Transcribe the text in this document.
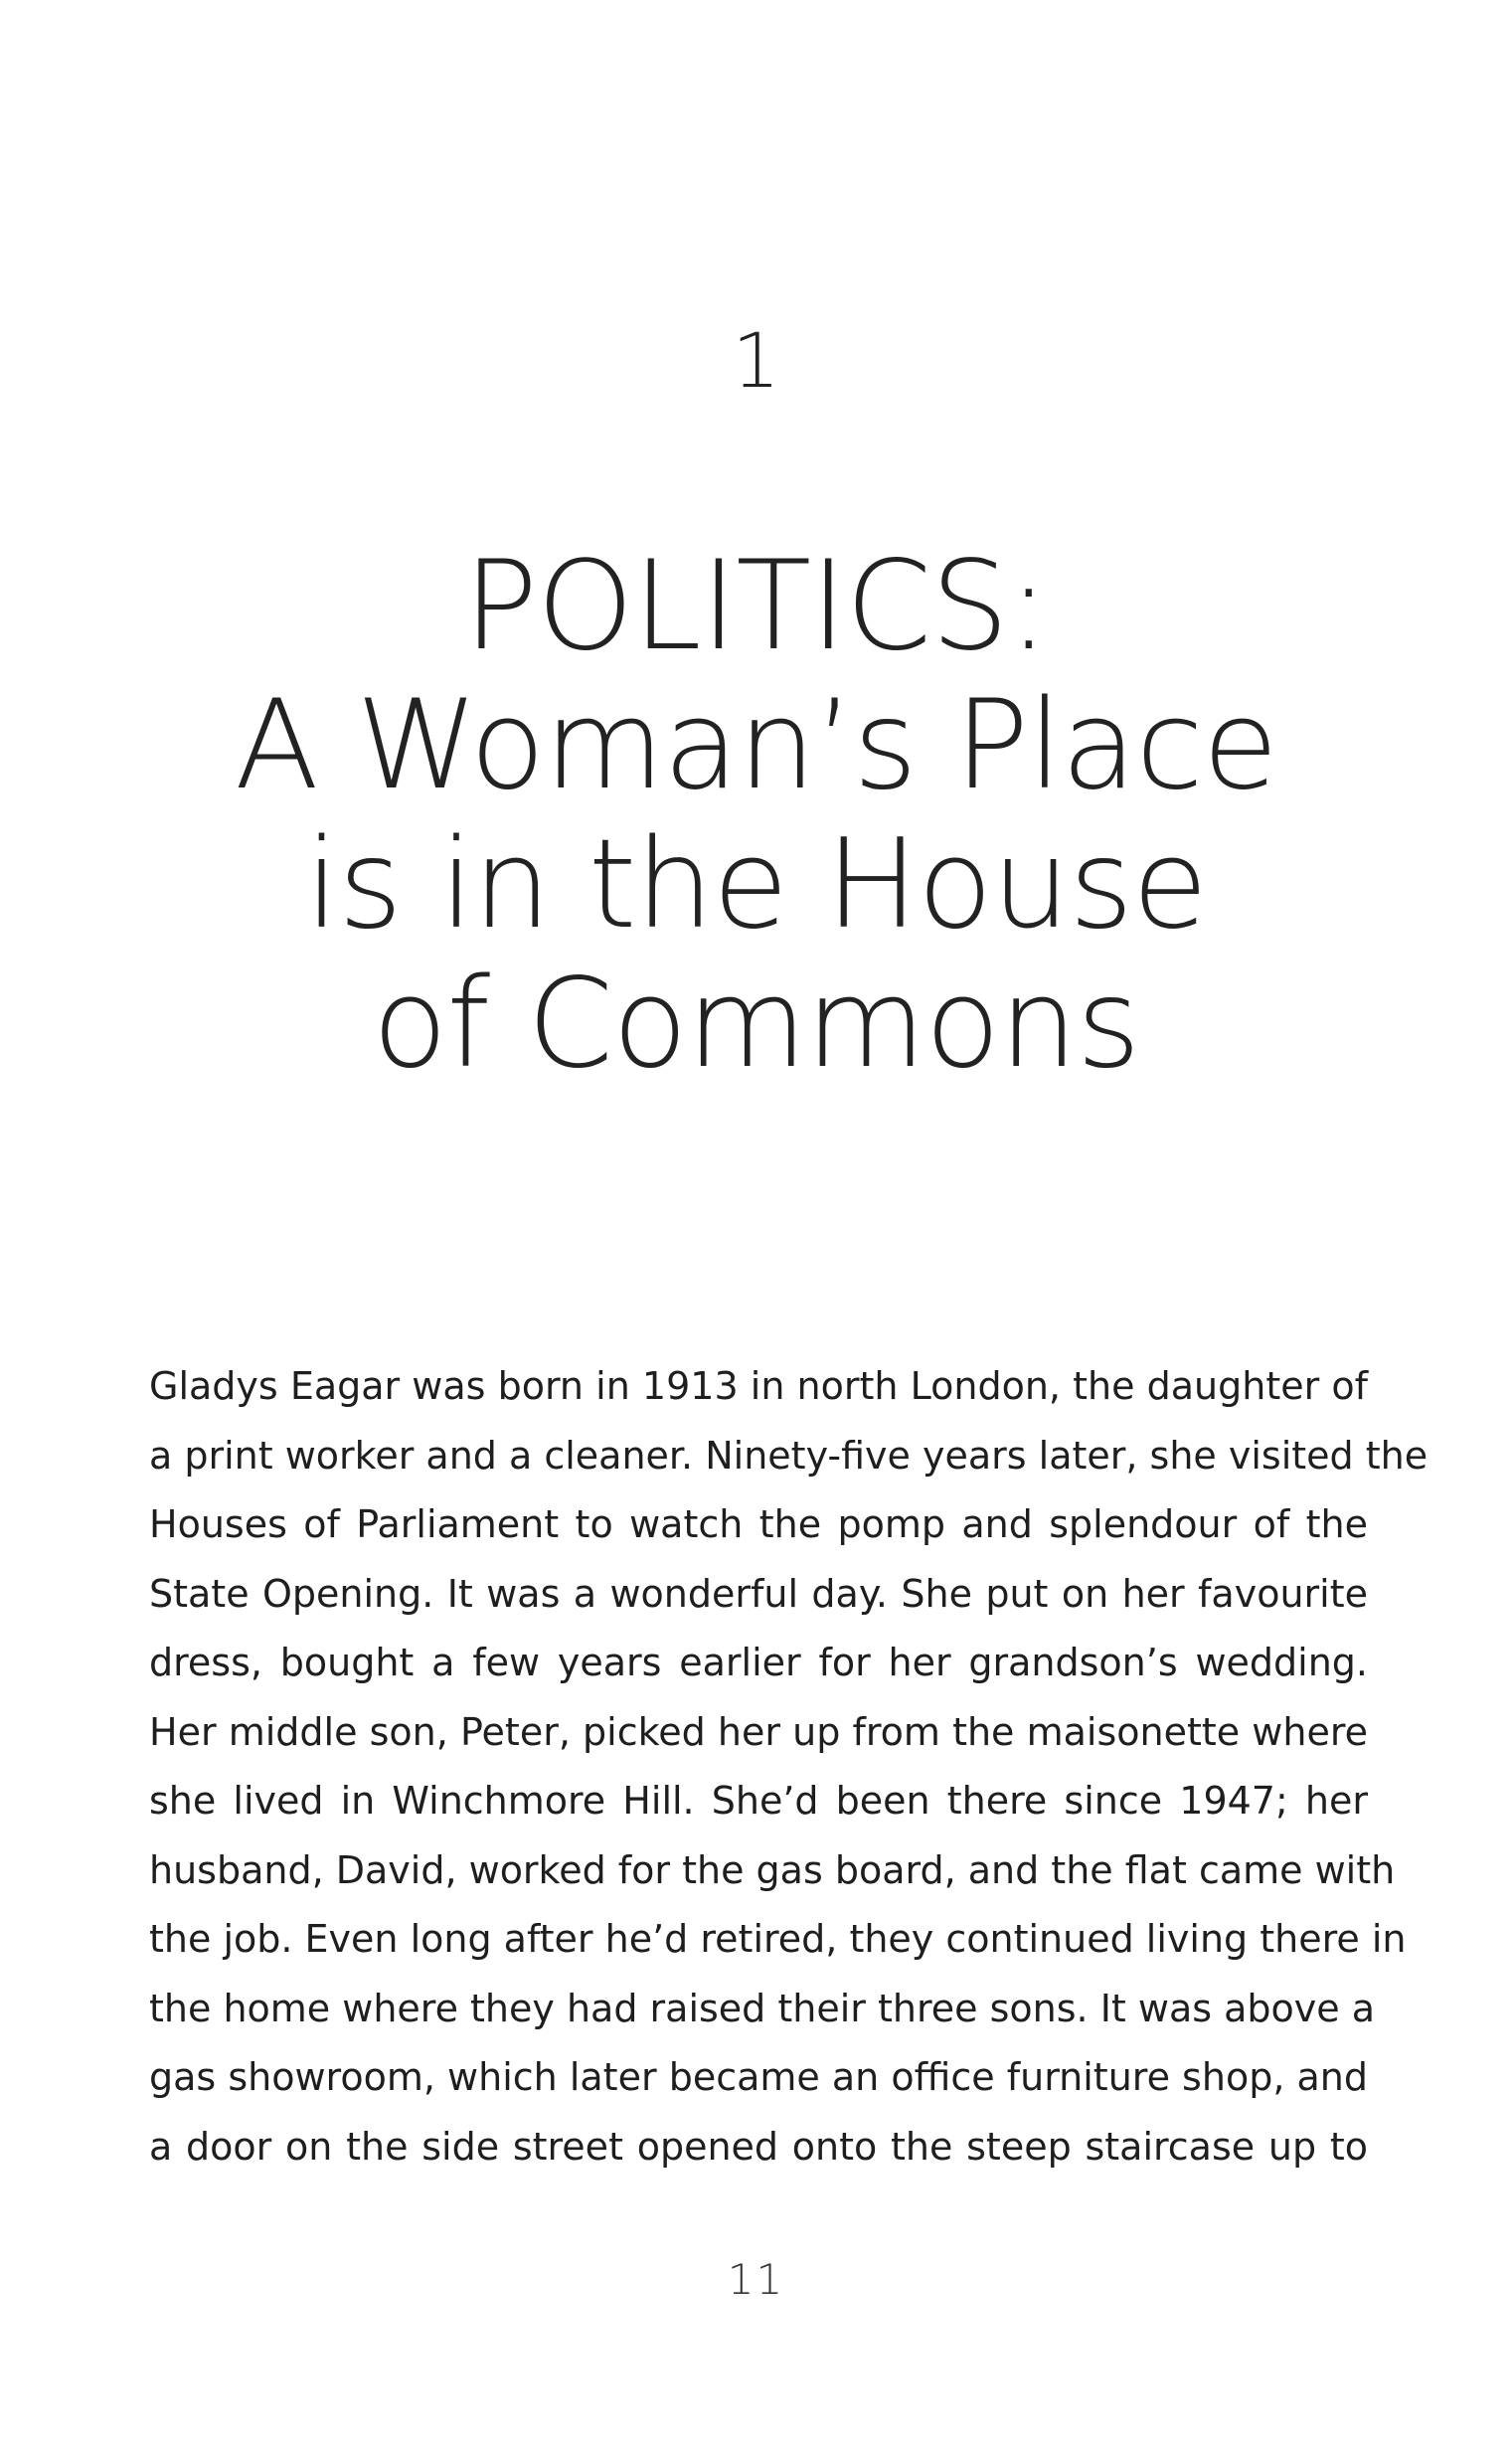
1
POLITICS:
A Woman’s Place
is in the House
of Commons
Gladys Eagar was born in 1913 in north London, the daughter of
a print worker and a cleaner. Ninety-five years later, she visited the
Houses of Parliament to watch the pomp and splendour of the
State Opening. It was a wonderful day. She put on her favourite
dress, bought a few years earlier for her grandson’s wedding.
Her middle son, Peter, picked her up from the maisonette where
she lived in Winchmore Hill. She’d been there since 1947; her
husband, David, worked for the gas board, and the flat came with
the job. Even long after he’d retired, they continued living there in
the home where they had raised their three sons. It was above a
gas showroom, which later became an office furniture shop, and
a door on the side street opened onto the steep staircase up to
11
